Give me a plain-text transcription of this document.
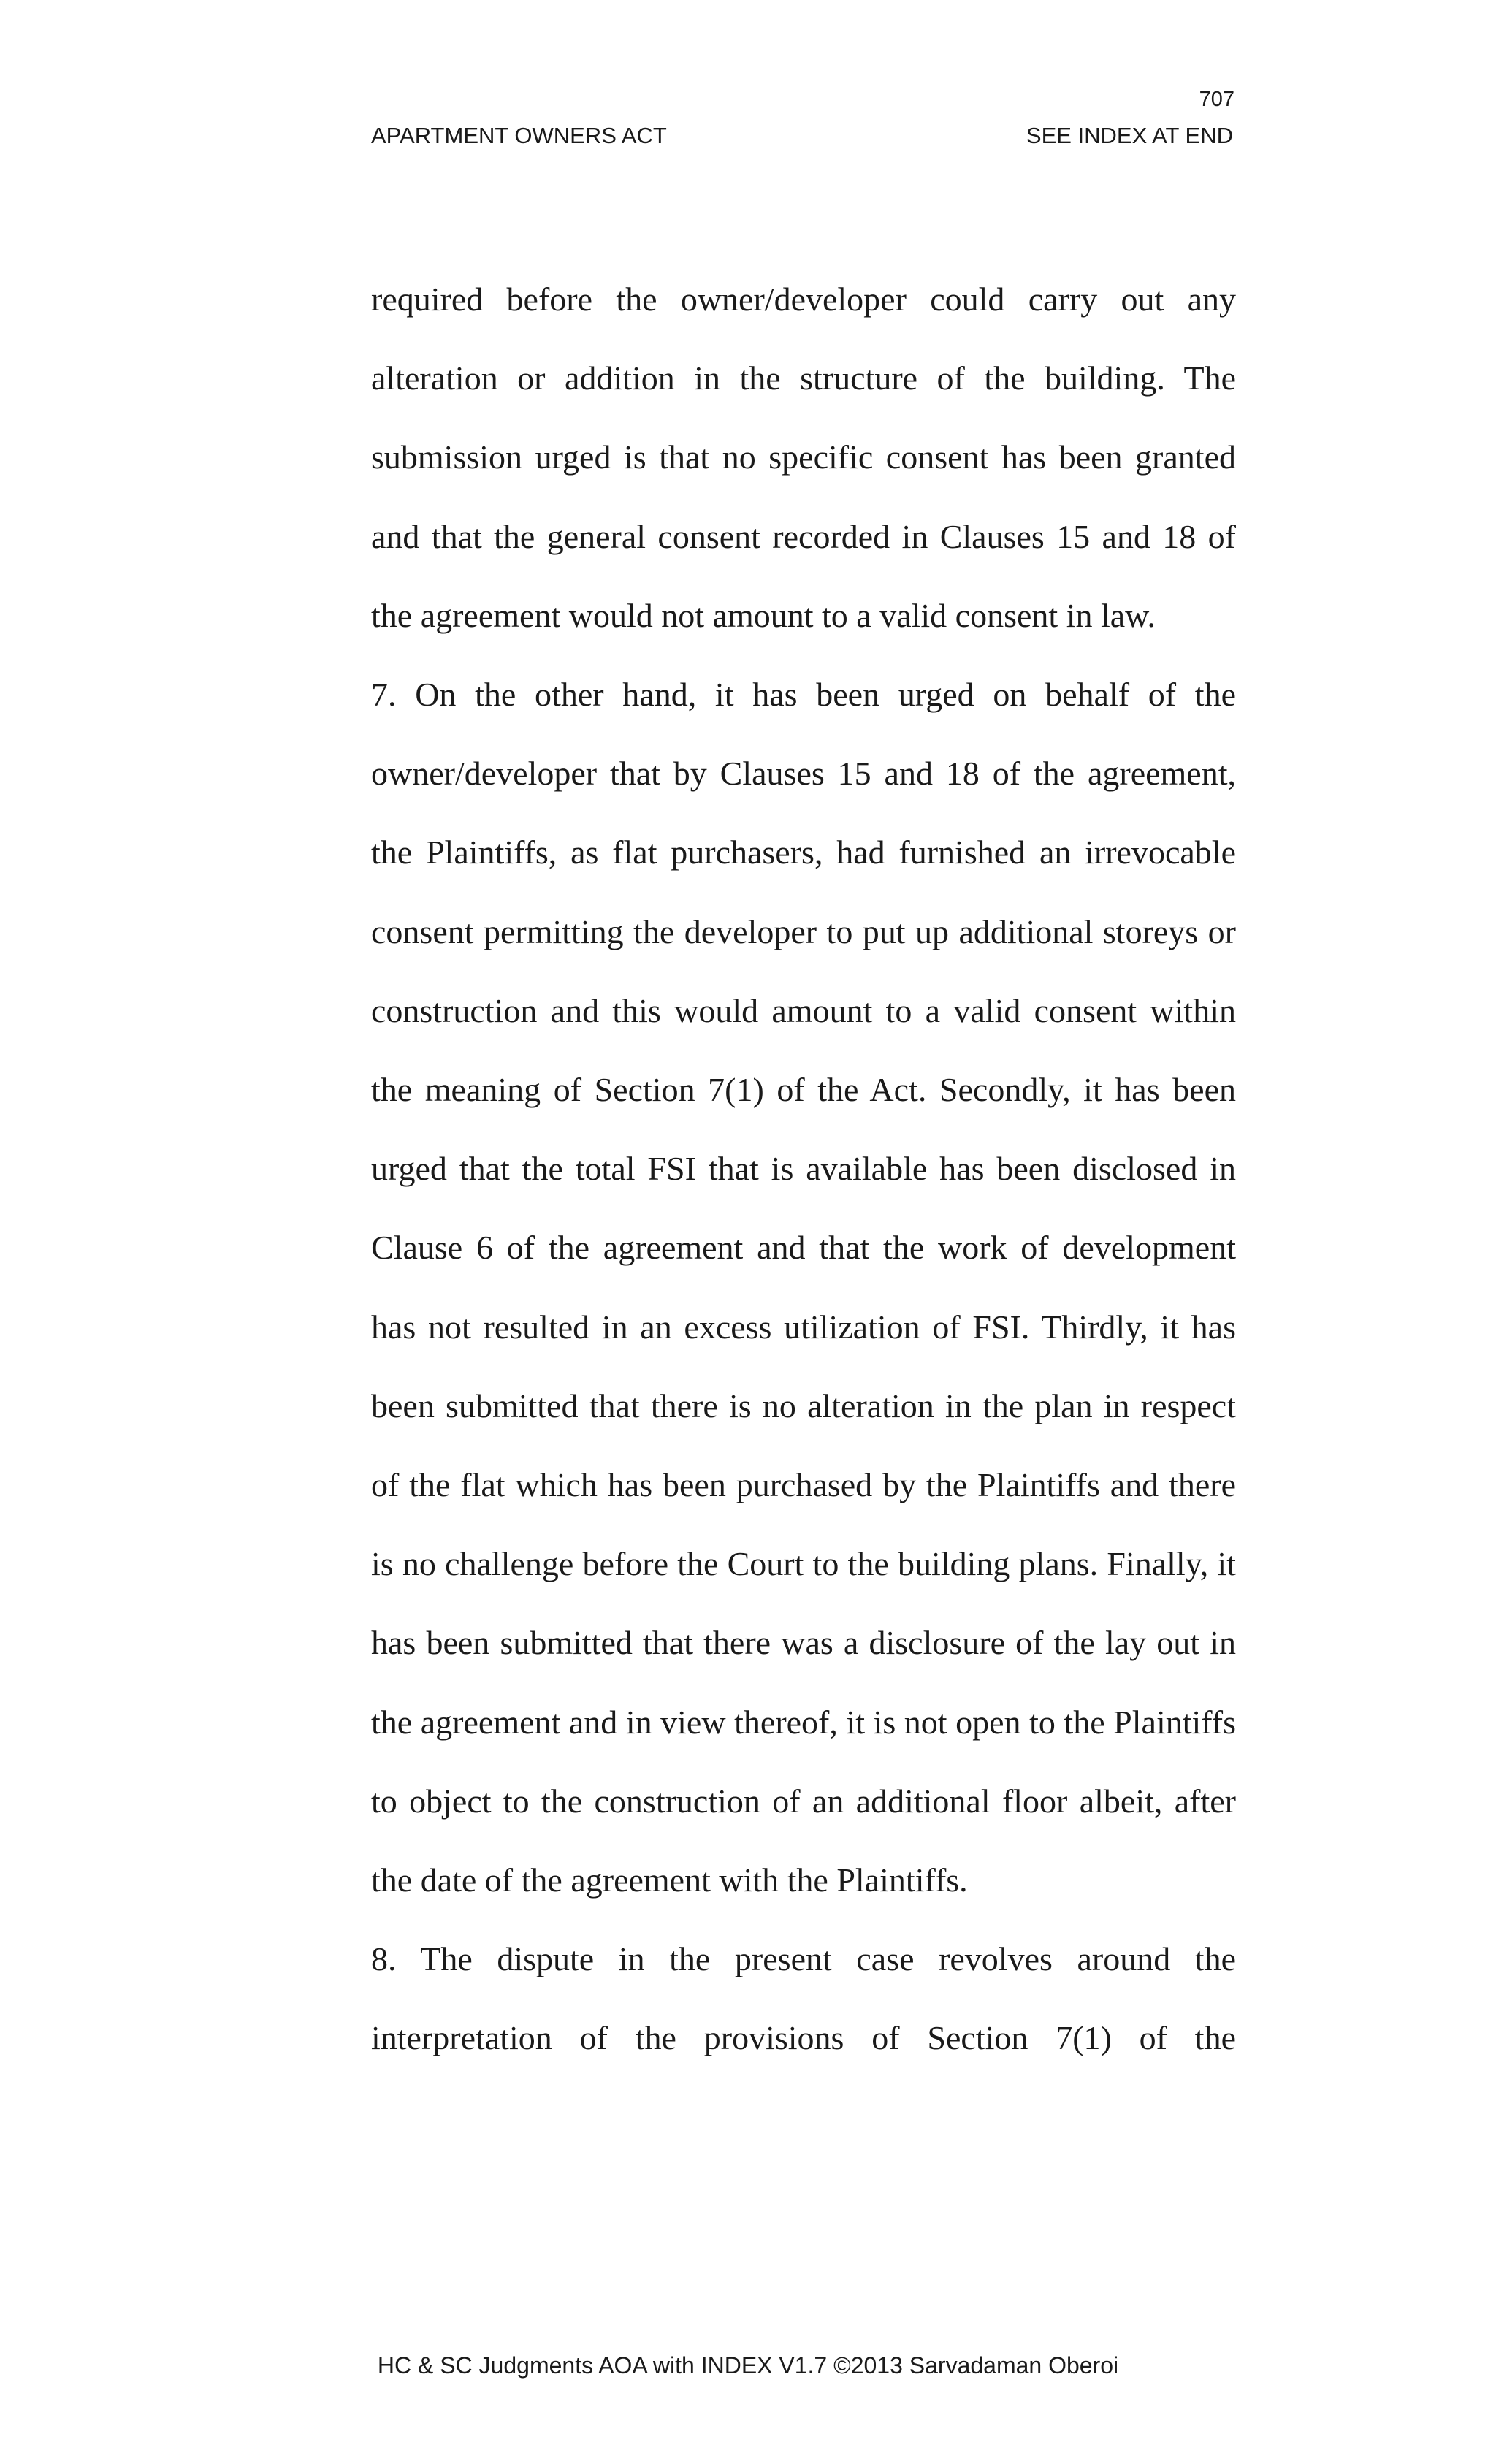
707
APARTMENT OWNERS ACT	SEE INDEX AT END

required before the owner/developer could carry out any alteration or addition in the structure of the building. The submission urged is that no specific consent has been granted and that the general consent recorded in Clauses 15 and 18 of the agreement would not amount to a valid consent in law.

7. On the other hand, it has been urged on behalf of the owner/developer that by Clauses 15 and 18 of the agreement, the Plaintiffs, as flat purchasers, had furnished an irrevocable consent permitting the developer to put up additional storeys or construction and this would amount to a valid consent within the meaning of Section 7(1) of the Act. Secondly, it has been urged that the total FSI that is available has been disclosed in Clause 6 of the agreement and that the work of development has not resulted in an excess utilization of FSI. Thirdly, it has been submitted that there is no alteration in the plan in respect of the flat which has been purchased by the Plaintiffs and there is no challenge before the Court to the building plans. Finally, it has been submitted that there was a disclosure of the lay out in the agreement and in view thereof, it is not open to the Plaintiffs to object to the construction of an additional floor albeit, after the date of the agreement with the Plaintiffs.

8. The dispute in the present case revolves around the interpretation of the provisions of Section 7(1) of the

HC & SC Judgments AOA with INDEX V1.7 ©2013 Sarvadaman Oberoi
